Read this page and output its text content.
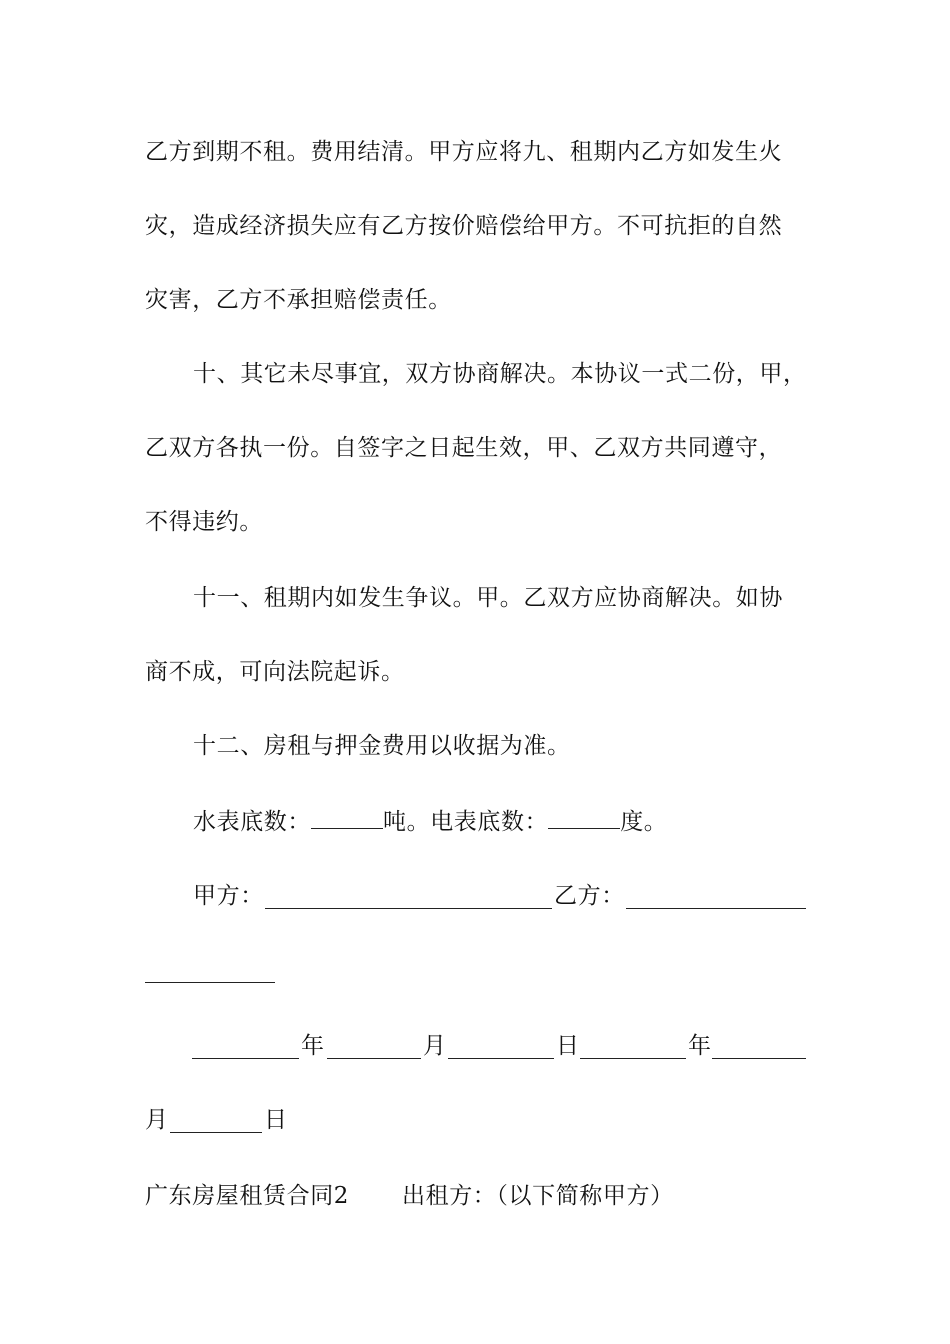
乙方到期不租。费用结清。甲方应将九、租期内乙方如发生火
灾，造成经济损失应有乙方按价赔偿给甲方。不可抗拒的自然
灾害，乙方不承担赔偿责任。
十、其它未尽事宜，双方协商解决。本协议一式二份，甲，
乙双方各执一份。自签字之日起生效，甲、乙双方共同遵守，
不得违约。
十一、租期内如发生争议。甲。乙双方应协商解决。如协
商不成，可向法院起诉。
十二、房租与押金费用以收据为准。
水表底数：	吨。电表底数：	度。
甲方：	乙方：
年	月	日	年
月	日
广东房屋租赁合同2 出租方：（以下简称甲方）
